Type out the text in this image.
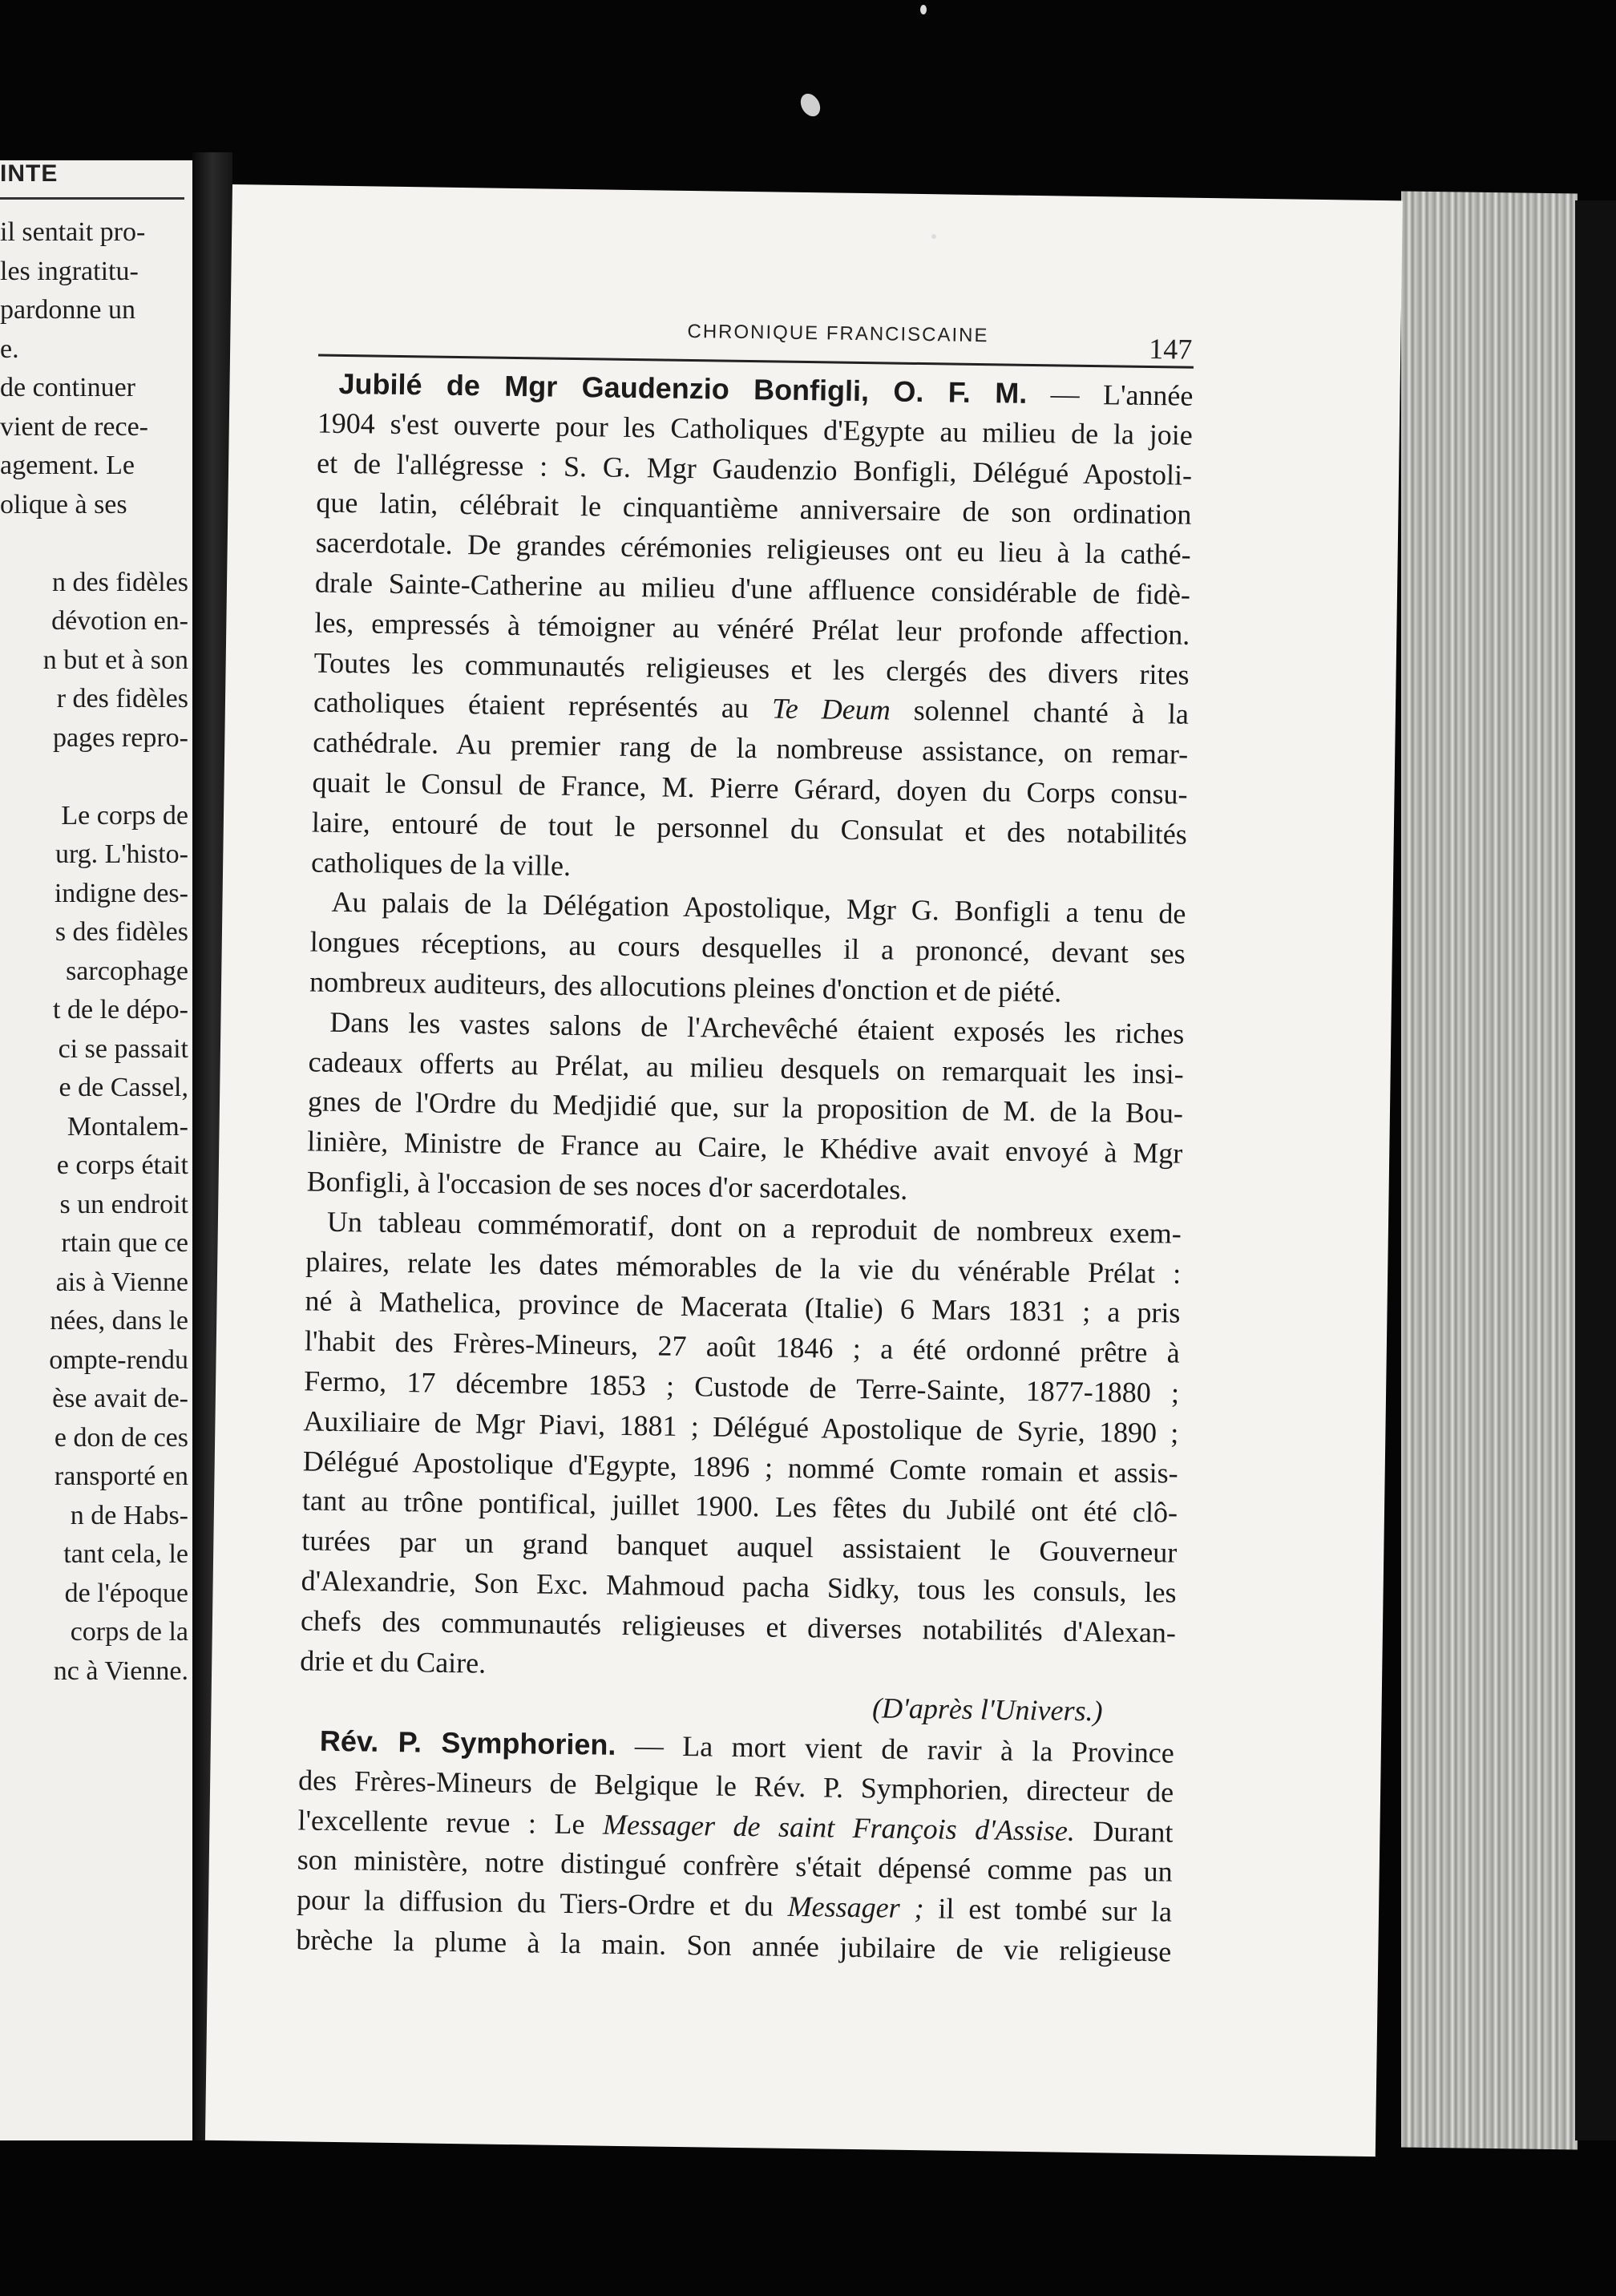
INTE
il sentait pro-
les ingratitu-
pardonne un
e.
de continuer
vient de rece-
agement. Le
olique à ses
n des fidèles
dévotion en-
n but et à son
r des fidèles
pages repro-
Le corps de
urg. L'histo-
indigne des-
s des fidèles
sarcophage
t de le dépo-
ci se passait
e de Cassel,
Montalem-
e corps était
s un endroit
rtain que ce
ais à Vienne
nées, dans le
ompte-rendu
èse avait de-
e don de ces
ransporté en
n de Habs-
tant cela, le
de l'époque
corps de la
nc à Vienne.
CHRONIQUE FRANCISCAINE	147
Jubilé de Mgr Gaudenzio Bonfigli, O. F. M. — L'année
1904 s'est ouverte pour les Catholiques d'Egypte au milieu de la joie
et de l'allégresse : S. G. Mgr Gaudenzio Bonfigli, Délégué Apostoli-
que latin, célébrait le cinquantième anniversaire de son ordination
sacerdotale. De grandes cérémonies religieuses ont eu lieu à la cathé-
drale Sainte-Catherine au milieu d'une affluence considérable de fidè-
les, empressés à témoigner au vénéré Prélat leur profonde affection.
Toutes les communautés religieuses et les clergés des divers rites
catholiques étaient représentés au Te Deum solennel chanté à la
cathédrale. Au premier rang de la nombreuse assistance, on remar-
quait le Consul de France, M. Pierre Gérard, doyen du Corps consu-
laire, entouré de tout le personnel du Consulat et des notabilités
catholiques de la ville.
Au palais de la Délégation Apostolique, Mgr G. Bonfigli a tenu de
longues réceptions, au cours desquelles il a prononcé, devant ses
nombreux auditeurs, des allocutions pleines d'onction et de piété.
Dans les vastes salons de l'Archevêché étaient exposés les riches
cadeaux offerts au Prélat, au milieu desquels on remarquait les insi-
gnes de l'Ordre du Medjidié que, sur la proposition de M. de la Bou-
linière, Ministre de France au Caire, le Khédive avait envoyé à Mgr
Bonfigli, à l'occasion de ses noces d'or sacerdotales.
Un tableau commémoratif, dont on a reproduit de nombreux exem-
plaires, relate les dates mémorables de la vie du vénérable Prélat :
né à Mathelica, province de Macerata (Italie) 6 Mars 1831 ; a pris
l'habit des Frères-Mineurs, 27 août 1846 ; a été ordonné prêtre à
Fermo, 17 décembre 1853 ; Custode de Terre-Sainte, 1877-1880 ;
Auxiliaire de Mgr Piavi, 1881 ; Délégué Apostolique de Syrie, 1890 ;
Délégué Apostolique d'Egypte, 1896 ; nommé Comte romain et assis-
tant au trône pontifical, juillet 1900. Les fêtes du Jubilé ont été clô-
turées par un grand banquet auquel assistaient le Gouverneur
d'Alexandrie, Son Exc. Mahmoud pacha Sidky, tous les consuls, les
chefs des communautés religieuses et diverses notabilités d'Alexan-
drie et du Caire.
(D'après l'Univers.)
Rév. P. Symphorien. — La mort vient de ravir à la Province
des Frères-Mineurs de Belgique le Rév. P. Symphorien, directeur de
l'excellente revue : Le Messager de saint François d'Assise. Durant
son ministère, notre distingué confrère s'était dépensé comme pas un
pour la diffusion du Tiers-Ordre et du Messager ; il est tombé sur la
brèche la plume à la main. Son année jubilaire de vie religieuse
